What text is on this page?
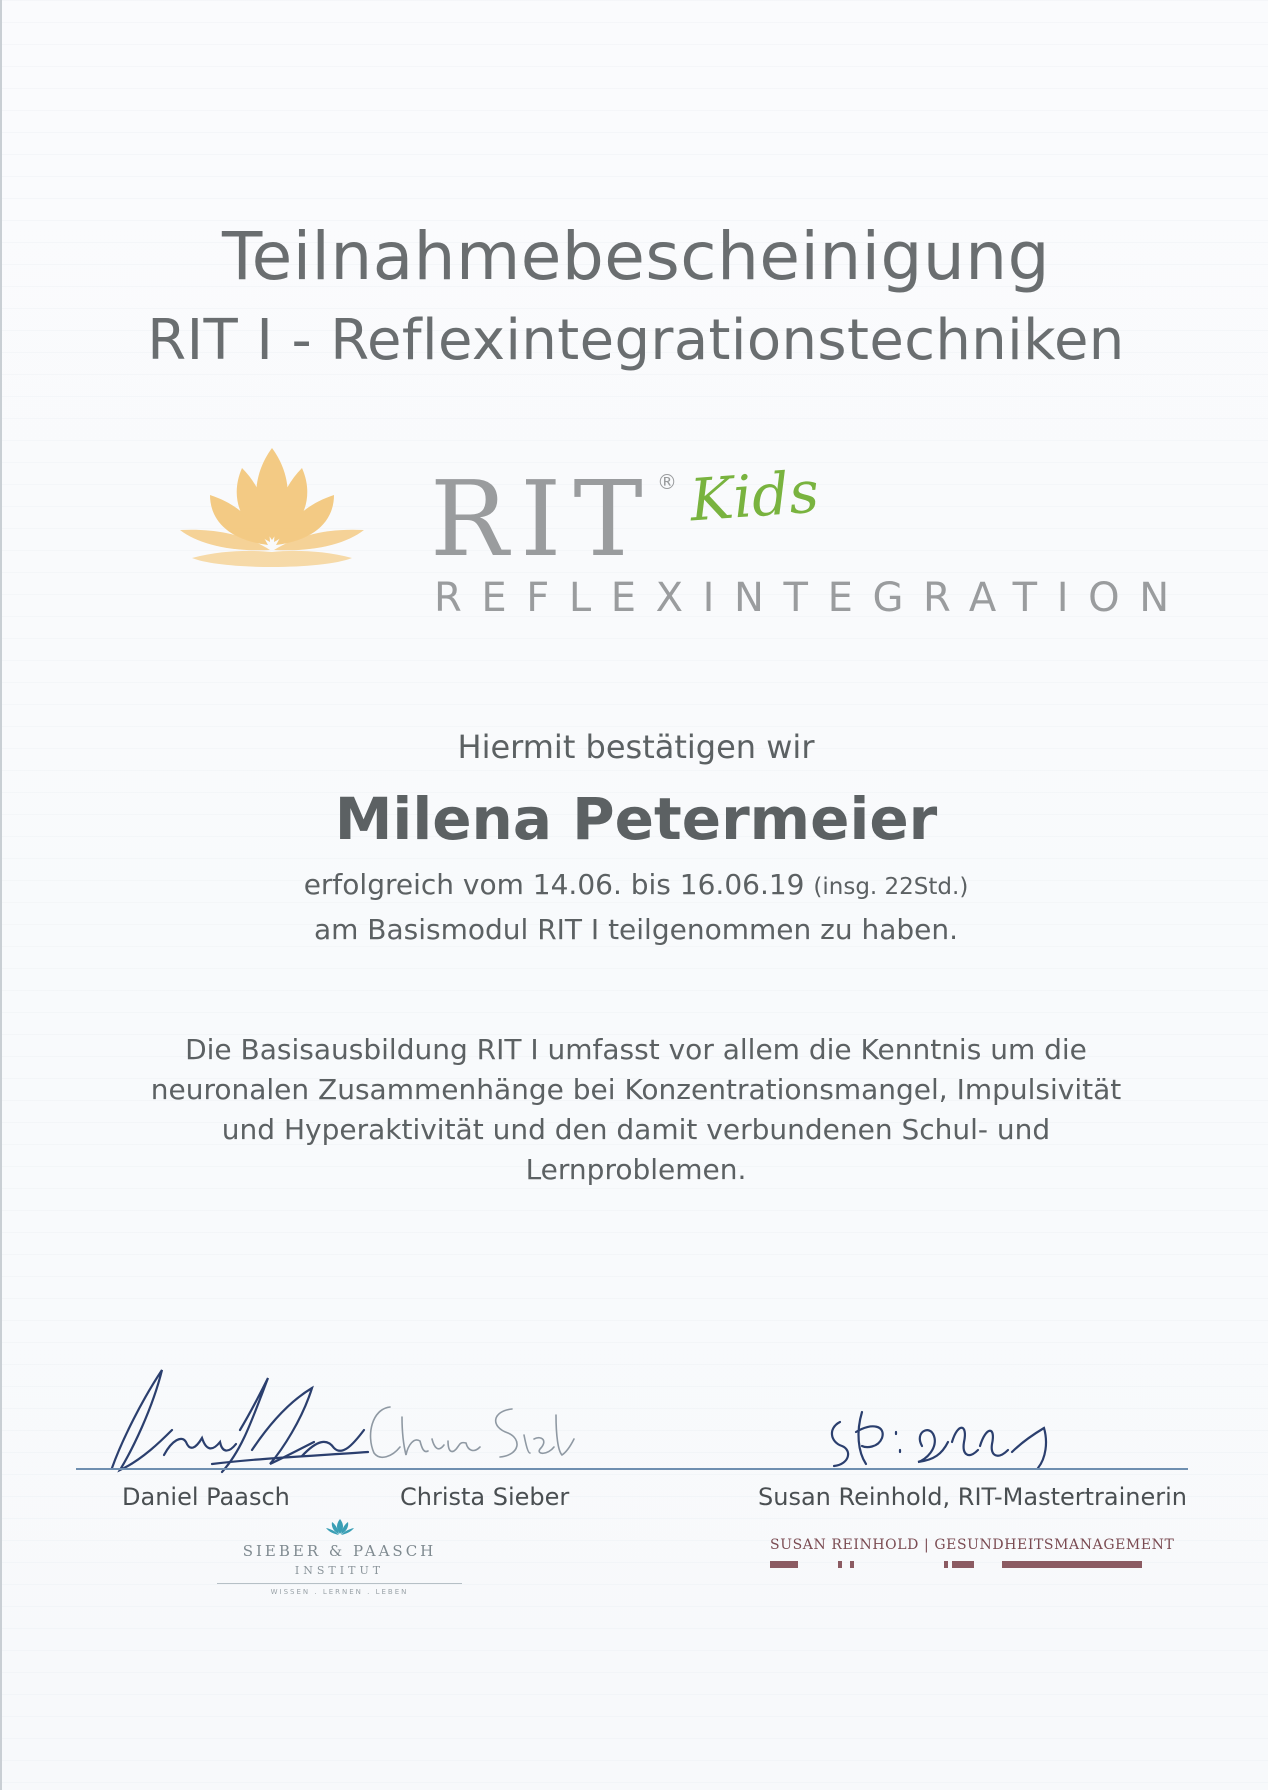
Teilnahmebescheinigung
RIT I - Reflexintegrationstechniken
RIT ® Kids
REFLEXINTEGRATION
Hiermit bestätigen wir
Milena Petermeier
erfolgreich vom 14.06. bis 16.06.19 (insg. 22Std.)
am Basismodul RIT I teilgenommen zu haben.
Die Basisausbildung RIT I umfasst vor allem die Kenntnis um die
neuronalen Zusammenhänge bei Konzentrationsmangel, Impulsivität
und Hyperaktivität und den damit verbundenen Schul- und
Lernproblemen.
Daniel Paasch	Christa Sieber	Susan Reinhold, RIT-Mastertrainerin
SIEBER & PAASCH
INSTITUT
WISSEN . LERNEN . LEBEN
SUSAN REINHOLD | GESUNDHEITSMANAGEMENT
